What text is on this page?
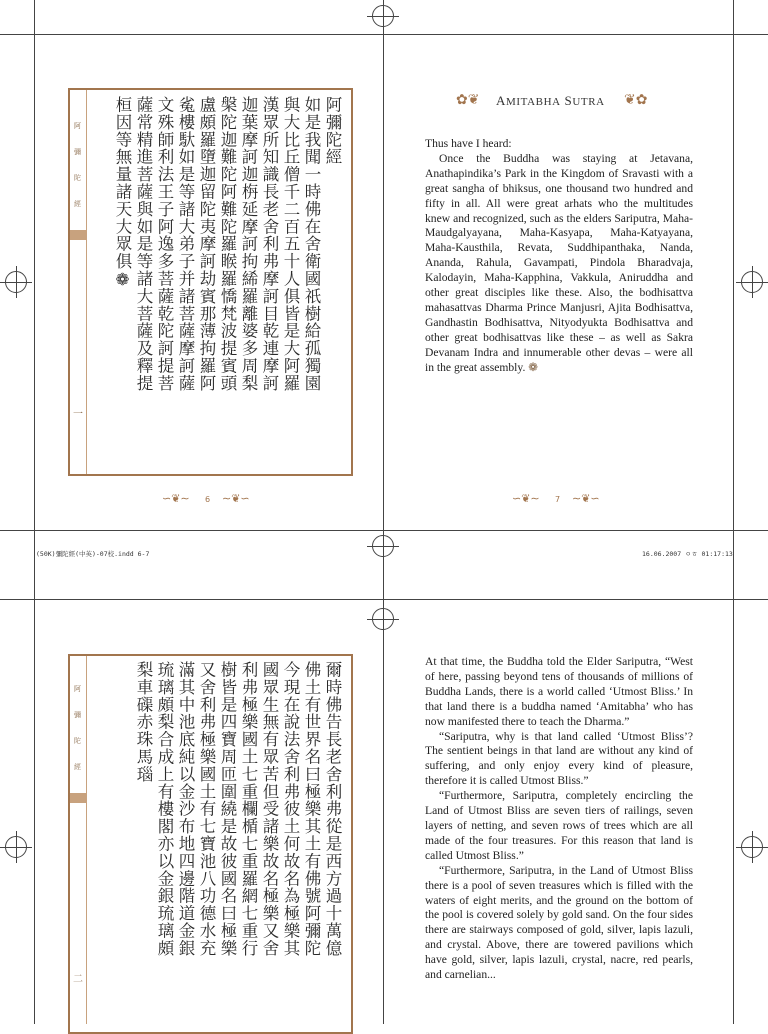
阿 彌 陀 經
一
阿彌陀經
如是我聞一時佛在舍衛國祇樹給孤獨園
與大比丘僧千二百五十人俱皆是大阿羅
漢眾所知識長老舍利弗摩訶目乾連摩訶
迦葉摩訶迦栴延摩訶拘絺羅離婆多周梨
槃陀迦難陀阿難陀羅睺羅憍梵波提賓頭
盧頗羅墮迦留陀夷摩訶劫賓那薄拘羅阿
㝹樓馱如是等諸大弟子并諸菩薩摩訶薩
文殊師利法王子阿逸多菩薩乾陀訶提菩
薩常精進菩薩與如是等諸大菩薩及釋提
桓因等無量諸天大眾俱❁
∽❦∼ 6 ∼❦∽
✿❦ AMITABHA SUTRA ❦✿

Thus have I heard:

Once the Buddha was staying at Jetavana, Anathapindika’s Park in the Kingdom of Sravasti with a great sangha of bhiksus, one thousand two hundred and fifty in all. All were great arhats who the multitudes knew and recognized, such as the elders Sariputra, Maha-Maudgalyayana, Maha-Kasyapa, Maha-Katyayana, Maha-Kausthila, Revata, Suddhipanthaka, Nanda, Ananda, Rahula, Gavampati, Pindola Bharadvaja, Kalodayin, Maha-Kapphina, Vakkula, Aniruddha and other great disciples like these. Also, the bodhisattva mahasattvas Dharma Prince Manjusri, Ajita Bodhisattva, Gandhastin Bodhisattva, Nityodyukta Bodhisattva and other great bodhisattvas like these – as well as Sakra Devanam Indra and innumerable other devas – were all in the great assembly. ❁

∽❦∼ 7 ∼❦∽
(50K)彌陀經(中英)-07校.indd 6-7	16.06.2007 ㅇㅎ 01:17:13
阿 彌 陀 經
二
爾時佛告長老舍利弗從是西方過十萬億
佛土有世界名曰極樂其土有佛號阿彌陀
今現在說法舍利弗彼土何故名為極樂其
國眾生無有眾苦但受諸樂故名極樂又舍
利弗極樂國土七重欄楯七重羅網七重行
樹皆是四寶周匝圍繞是故彼國名曰極樂
又舍利弗極樂國土有七寶池八功德水充
滿其中池底純以金沙布地四邊階道金銀
琉璃頗梨合成上有樓閣亦以金銀琉璃頗
梨車磲赤珠馬瑙	At that time, the Buddha told the Elder Sariputra, “West of here, passing beyond tens of thousands of millions of Buddha Lands, there is a world called ‘Utmost Bliss.’ In that land there is a buddha named ‘Amitabha’ who has now manifested there to teach the Dharma.”

“Sariputra, why is that land called ‘Utmost Bliss’? The sentient beings in that land are without any kind of suffering, and only enjoy every kind of pleasure, therefore it is called Utmost Bliss.”

“Furthermore, Sariputra, completely encircling the Land of Utmost Bliss are seven tiers of railings, seven layers of netting, and seven rows of trees which are all made of the four treasures. For this reason that land is called Utmost Bliss.”

“Furthermore, Sariputra, in the Land of Utmost Bliss there is a pool of seven treasures which is filled with the waters of eight merits, and the ground on the bottom of the pool is covered solely by gold sand. On the four sides there are stairways composed of gold, silver, lapis lazuli, and crystal. Above, there are towered pavilions which have gold, silver, lapis lazuli, crystal, nacre, red pearls, and carnelian...
